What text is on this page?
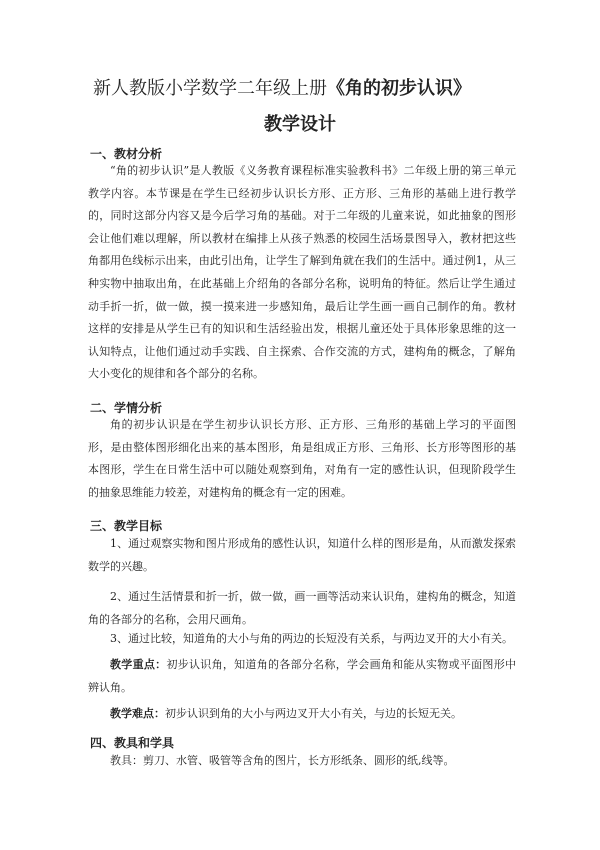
新人教版小学数学二年级上册《角的初步认识》
教学设计
一、教材分析

“角的初步认识”是人教版《义务教育课程标准实验教科书》二年级上册的第三单元教学内容。本节课是在学生已经初步认识长方形、正方形、三角形的基础上进行教学的，同时这部分内容又是今后学习角的基础。对于二年级的儿童来说，如此抽象的图形会让他们难以理解，所以教材在编排上从孩子熟悉的校园生活场景图导入，教材把这些角都用色线标示出来，由此引出角，让学生了解到角就在我们的生活中。通过例1，从三种实物中抽取出角，在此基础上介绍角的各部分名称，说明角的特征。然后让学生通过动手折一折，做一做，摸一摸来进一步感知角，最后让学生画一画自己制作的角。教材这样的安排是从学生已有的知识和生活经验出发，根据儿童还处于具体形象思维的这一认知特点，让他们通过动手实践、自主探索、合作交流的方式，建构角的概念，了解角大小变化的规律和各个部分的名称。

二、学情分析

角的初步认识是在学生初步认识长方形、正方形、三角形的基础上学习的平面图形，是由整体图形细化出来的基本图形，角是组成正方形、三角形、长方形等图形的基本图形，学生在日常生活中可以随处观察到角，对角有一定的感性认识，但现阶段学生的抽象思维能力较差，对建构角的概念有一定的困难。

三、教学目标

1、通过观察实物和图片形成角的感性认识，知道什么样的图形是角，从而激发探索数学的兴趣。

2、通过生活情景和折一折，做一做，画一画等活动来认识角，建构角的概念，知道角的各部分的名称，会用尺画角。

3、通过比较，知道角的大小与角的两边的长短没有关系，与两边叉开的大小有关。

教学重点：初步认识角，知道角的各部分名称，学会画角和能从实物或平面图形中辨认角。

教学难点：初步认识到角的大小与两边叉开大小有关，与边的长短无关。

四、教具和学具

教具：剪刀、水管、吸管等含角的图片，长方形纸条、圆形的纸,线等。
